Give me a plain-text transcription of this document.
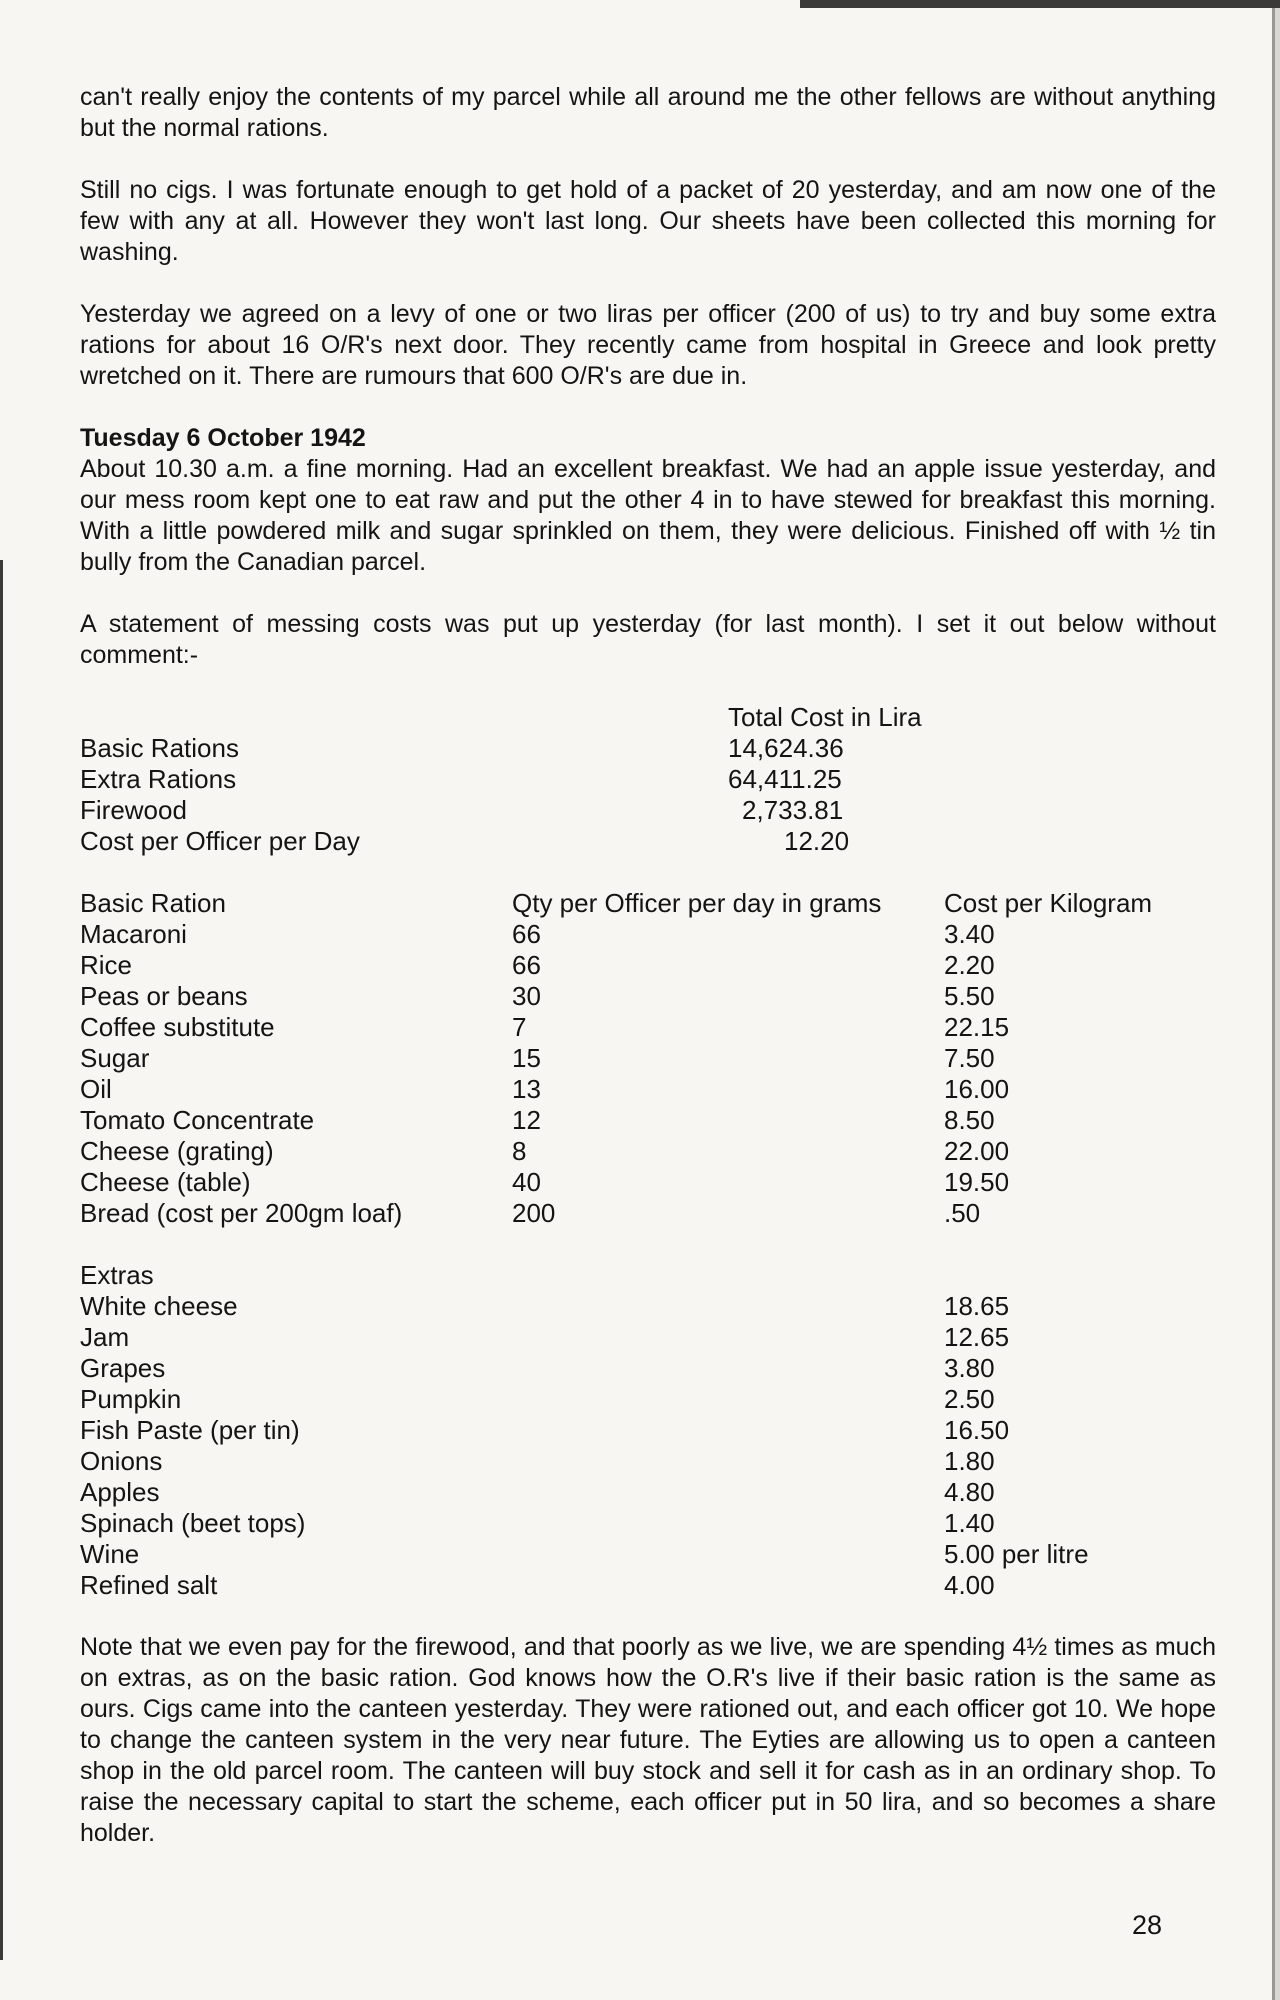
can't really enjoy the contents of my parcel while all around me the other fellows are without anything but the normal rations.

Still no cigs. I was fortunate enough to get hold of a packet of 20 yesterday, and am now one of the few with any at all. However they won't last long. Our sheets have been collected this morning for washing.

Yesterday we agreed on a levy of one or two liras per officer (200 of us) to try and buy some extra rations for about 16 O/R's next door. They recently came from hospital in Greece and look pretty wretched on it. There are rumours that 600 O/R's are due in.

Tuesday 6 October 1942

About 10.30 a.m. a fine morning. Had an excellent breakfast. We had an apple issue yesterday, and our mess room kept one to eat raw and put the other 4 in to have stewed for breakfast this morning. With a little powdered milk and sugar sprinkled on them, they were delicious. Finished off with ½ tin bully from the Canadian parcel.

A statement of messing costs was put up yesterday (for last month). I set it out below without comment:-

	Total Cost in Lira
Basic Rations	14,624.36
Extra Rations	64,411.25
Firewood	2,733.81
Cost per Officer per Day	12.20
Basic Ration	Qty per Officer per day in grams	Cost per Kilogram
Macaroni	66	3.40
Rice	66	2.20
Peas or beans	30	5.50
Coffee substitute	7	22.15
Sugar	15	7.50
Oil	13	16.00
Tomato Concentrate	12	8.50
Cheese (grating)	8	22.00
Cheese (table)	40	19.50
Bread (cost per 200gm loaf)	200	.50
Extras	
White cheese	18.65
Jam	12.65
Grapes	3.80
Pumpkin	2.50
Fish Paste (per tin)	16.50
Onions	1.80
Apples	4.80
Spinach (beet tops)	1.40
Wine	5.00 per litre
Refined salt	4.00

Note that we even pay for the firewood, and that poorly as we live, we are spending 4½ times as much on extras, as on the basic ration. God knows how the O.R's live if their basic ration is the same as ours. Cigs came into the canteen yesterday. They were rationed out, and each officer got 10. We hope to change the canteen system in the very near future. The Eyties are allowing us to open a canteen shop in the old parcel room. The canteen will buy stock and sell it for cash as in an ordinary shop. To raise the necessary capital to start the scheme, each officer put in 50 lira, and so becomes a share holder.

28
